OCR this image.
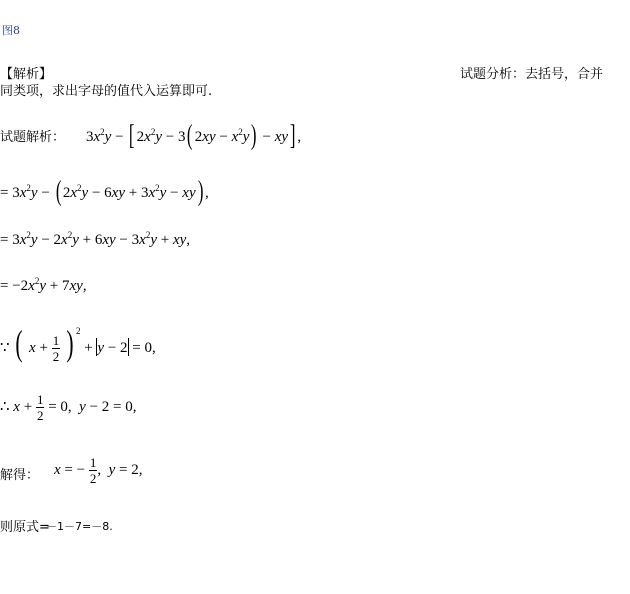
图8
【解析】	试题分析：去括号，合并
同类项，求出字母的值代入运算即可.
试题解析： $3x^2y$ − [ $2x^2y - 3$( $2xy - x^2y) - xy$] ,
= $3x^2y$ − ( $2x^2y - 6xy + 3x^2y - xy$) ,
= $3x^2y - 2x^2y + 6xy - 3x^2y$ + xy,
= $-2x^2y + 7xy$,
∵ ( $x + \frac{1}{2}$ ) $^2$ + y − 2 = 0,
∴ $x + \frac{1}{2} = 0$,  y − 2 = 0,
解得： x = − $\frac{1}{2}$ ,  y = 2,
则原式=
－1－7=－8.
